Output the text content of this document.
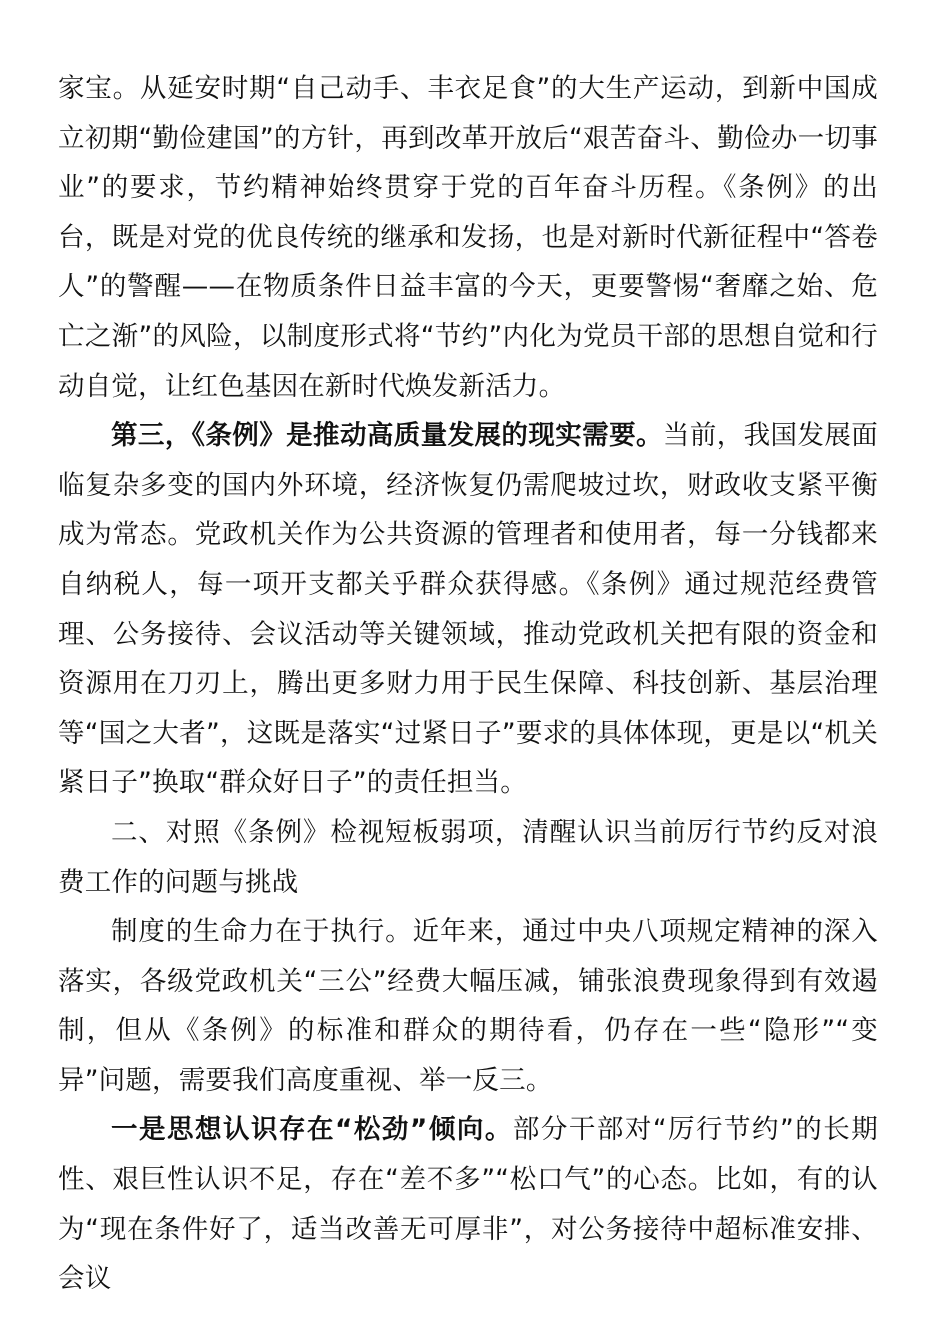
家宝。从延安时期“自己动手、丰衣足食”的大生产运动，到新中国成立初期“勤俭建国”的方针，再到改革开放后“艰苦奋斗、勤俭办一切事业”的要求，节约精神始终贯穿于党的百年奋斗历程。《条例》的出台，既是对党的优良传统的继承和发扬，也是对新时代新征程中“答卷人”的警醒——在物质条件日益丰富的今天，更要警惕“奢靡之始、危亡之渐”的风险，以制度形式将“节约”内化为党员干部的思想自觉和行动自觉，让红色基因在新时代焕发新活力。

第三，《条例》是推动高质量发展的现实需要。当前，我国发展面临复杂多变的国内外环境，经济恢复仍需爬坡过坎，财政收支紧平衡成为常态。党政机关作为公共资源的管理者和使用者，每一分钱都来自纳税人，每一项开支都关乎群众获得感。《条例》通过规范经费管理、公务接待、会议活动等关键领域，推动党政机关把有限的资金和资源用在刀刃上，腾出更多财力用于民生保障、科技创新、基层治理等“国之大者”，这既是落实“过紧日子”要求的具体体现，更是以“机关紧日子”换取“群众好日子”的责任担当。

二、对照《条例》检视短板弱项，清醒认识当前厉行节约反对浪费工作的问题与挑战

制度的生命力在于执行。近年来，通过中央八项规定精神的深入落实，各级党政机关“三公”经费大幅压减，铺张浪费现象得到有效遏制，但从《条例》的标准和群众的期待看，仍存在一些“隐形”“变异”问题，需要我们高度重视、举一反三。

一是思想认识存在“松劲”倾向。部分干部对“厉行节约”的长期性、艰巨性认识不足，存在“差不多”“松口气”的心态。比如，有的认为“现在条件好了，适当改善无可厚非”，对公务接待中超标准安排、会议
